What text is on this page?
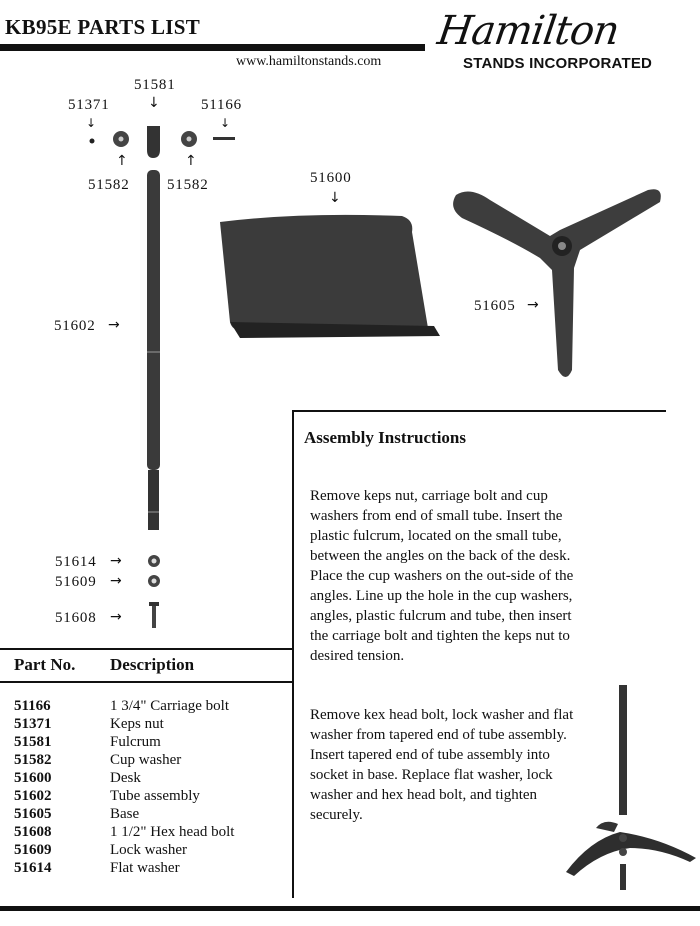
KB95E PARTS LIST
www.hamiltonstands.com
Hamilton
STANDS INCORPORATED
51581
↓
51371
↓
51166
↓
↑
51582
↑
51582	51600
↓
51605 →
51602 →
51614 →
51609 →
51608 →
Assembly Instructions
Remove keps nut, carriage bolt and cup washers from end of small tube. Insert the plastic fulcrum, located on the small tube, between the angles on the back of the desk. Place the cup washers on the out-side of the angles. Line up the hole in the cup washers, angles, plastic fulcrum and tube, then insert the carriage bolt and tighten the keps nut to desired tension.
Remove kex head bolt, lock washer and flat washer from tapered end of tube assembly. Insert tapered end of tube assembly into socket in base. Replace flat washer, lock washer and hex head bolt, and tighten securely.
Part No. Description
51166	1 3/4" Carriage bolt
51371	Keps nut
51581	Fulcrum
51582	Cup washer
51600	Desk
51602	Tube assembly
51605	Base
51608	1 1/2" Hex head bolt
51609	Lock washer
51614	Flat washer
